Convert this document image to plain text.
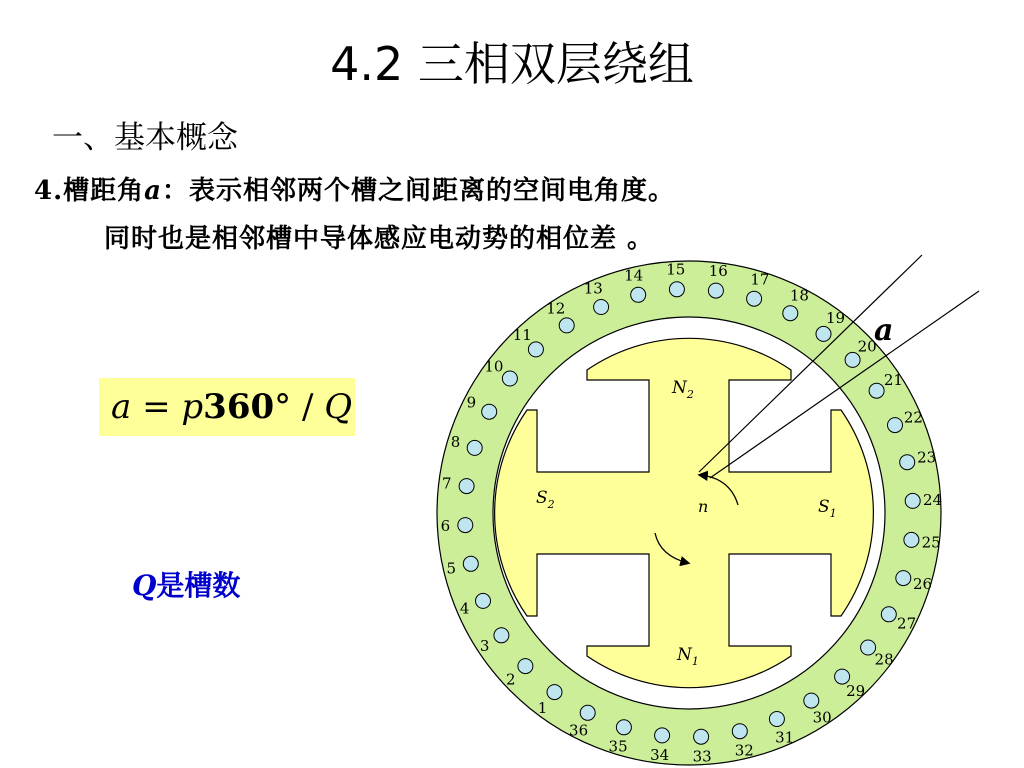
4.2 三相双层绕组
一、基本概念
4.槽距角a：表示相邻两个槽之间距离的空间电角度。
同时也是相邻槽中导体感应电动势的相位差 。
a = p360° / Q
Q是槽数
1
2
3
4
5
6
7
8
9
10
11
12
13
14 15 16 17
18
19
20
21
22
23
24
25
26
27
28
29
30
31
32
33
34
35
36
a
$N_2$
$N_1$
$S_1$
$S_2$	n
